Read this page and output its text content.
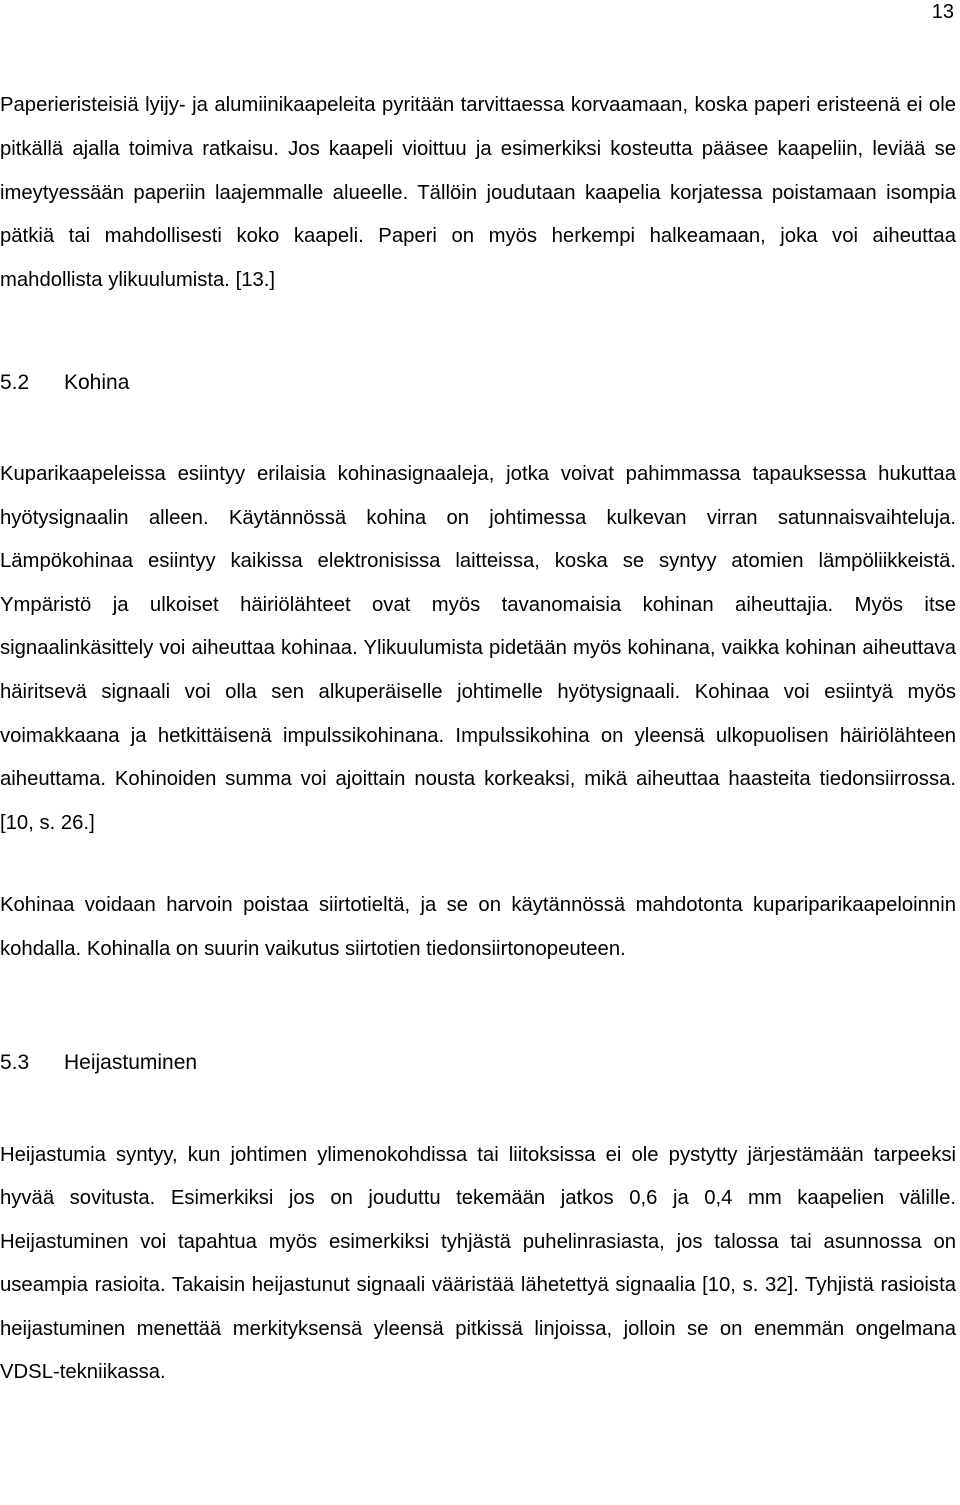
13

Paperieristeisiä lyijy- ja alumiinikaapeleita pyritään tarvittaessa korvaamaan, koska paperi eristeenä ei ole pitkällä ajalla toimiva ratkaisu. Jos kaapeli vioittuu ja esimerkiksi kosteutta pääsee kaapeliin, leviää se imeytyessään paperiin laajemmalle alueelle. Tällöin joudutaan kaapelia korjatessa poistamaan isompia pätkiä tai mahdollisesti koko kaapeli. Paperi on myös herkempi halkeamaan, joka voi aiheuttaa mahdollista ylikuulumista. [13.]

5.2	Kohina

Kuparikaapeleissa esiintyy erilaisia kohinasignaaleja, jotka voivat pahimmassa tapauksessa hukuttaa hyötysignaalin alleen. Käytännössä kohina on johtimessa kulkevan virran satunnaisvaihteluja. Lämpökohinaa esiintyy kaikissa elektronisissa laitteissa, koska se syntyy atomien lämpöliikkeistä. Ympäristö ja ulkoiset häiriölähteet ovat myös tavanomaisia kohinan aiheuttajia. Myös itse signaalinkäsittely voi aiheuttaa kohinaa. Ylikuulumista pidetään myös kohinana, vaikka kohinan aiheuttava häiritsevä signaali voi olla sen alkuperäiselle johtimelle hyötysignaali. Kohinaa voi esiintyä myös voimakkaana ja hetkittäisenä impulssikohinana. Impulssikohina on yleensä ulkopuolisen häiriölähteen aiheuttama. Kohinoiden summa voi ajoittain nousta korkeaksi, mikä aiheuttaa haasteita tiedonsiirrossa. [10, s. 26.]

Kohinaa voidaan harvoin poistaa siirtotieltä, ja se on käytännössä mahdotonta kupariparikaapeloinnin kohdalla. Kohinalla on suurin vaikutus siirtotien tiedonsiirtonopeuteen.

5.3	Heijastuminen

Heijastumia syntyy, kun johtimen ylimenokohdissa tai liitoksissa ei ole pystytty järjestämään tarpeeksi hyvää sovitusta. Esimerkiksi jos on jouduttu tekemään jatkos 0,6 ja 0,4 mm kaapelien välille. Heijastuminen voi tapahtua myös esimerkiksi tyhjästä puhelinrasiasta, jos talossa tai asunnossa on useampia rasioita. Takaisin heijastunut signaali vääristää lähetettyä signaalia [10, s. 32]. Tyhjistä rasioista heijastuminen menettää merkityksensä yleensä pitkissä linjoissa, jolloin se on enemmän ongelmana VDSL-tekniikassa.
